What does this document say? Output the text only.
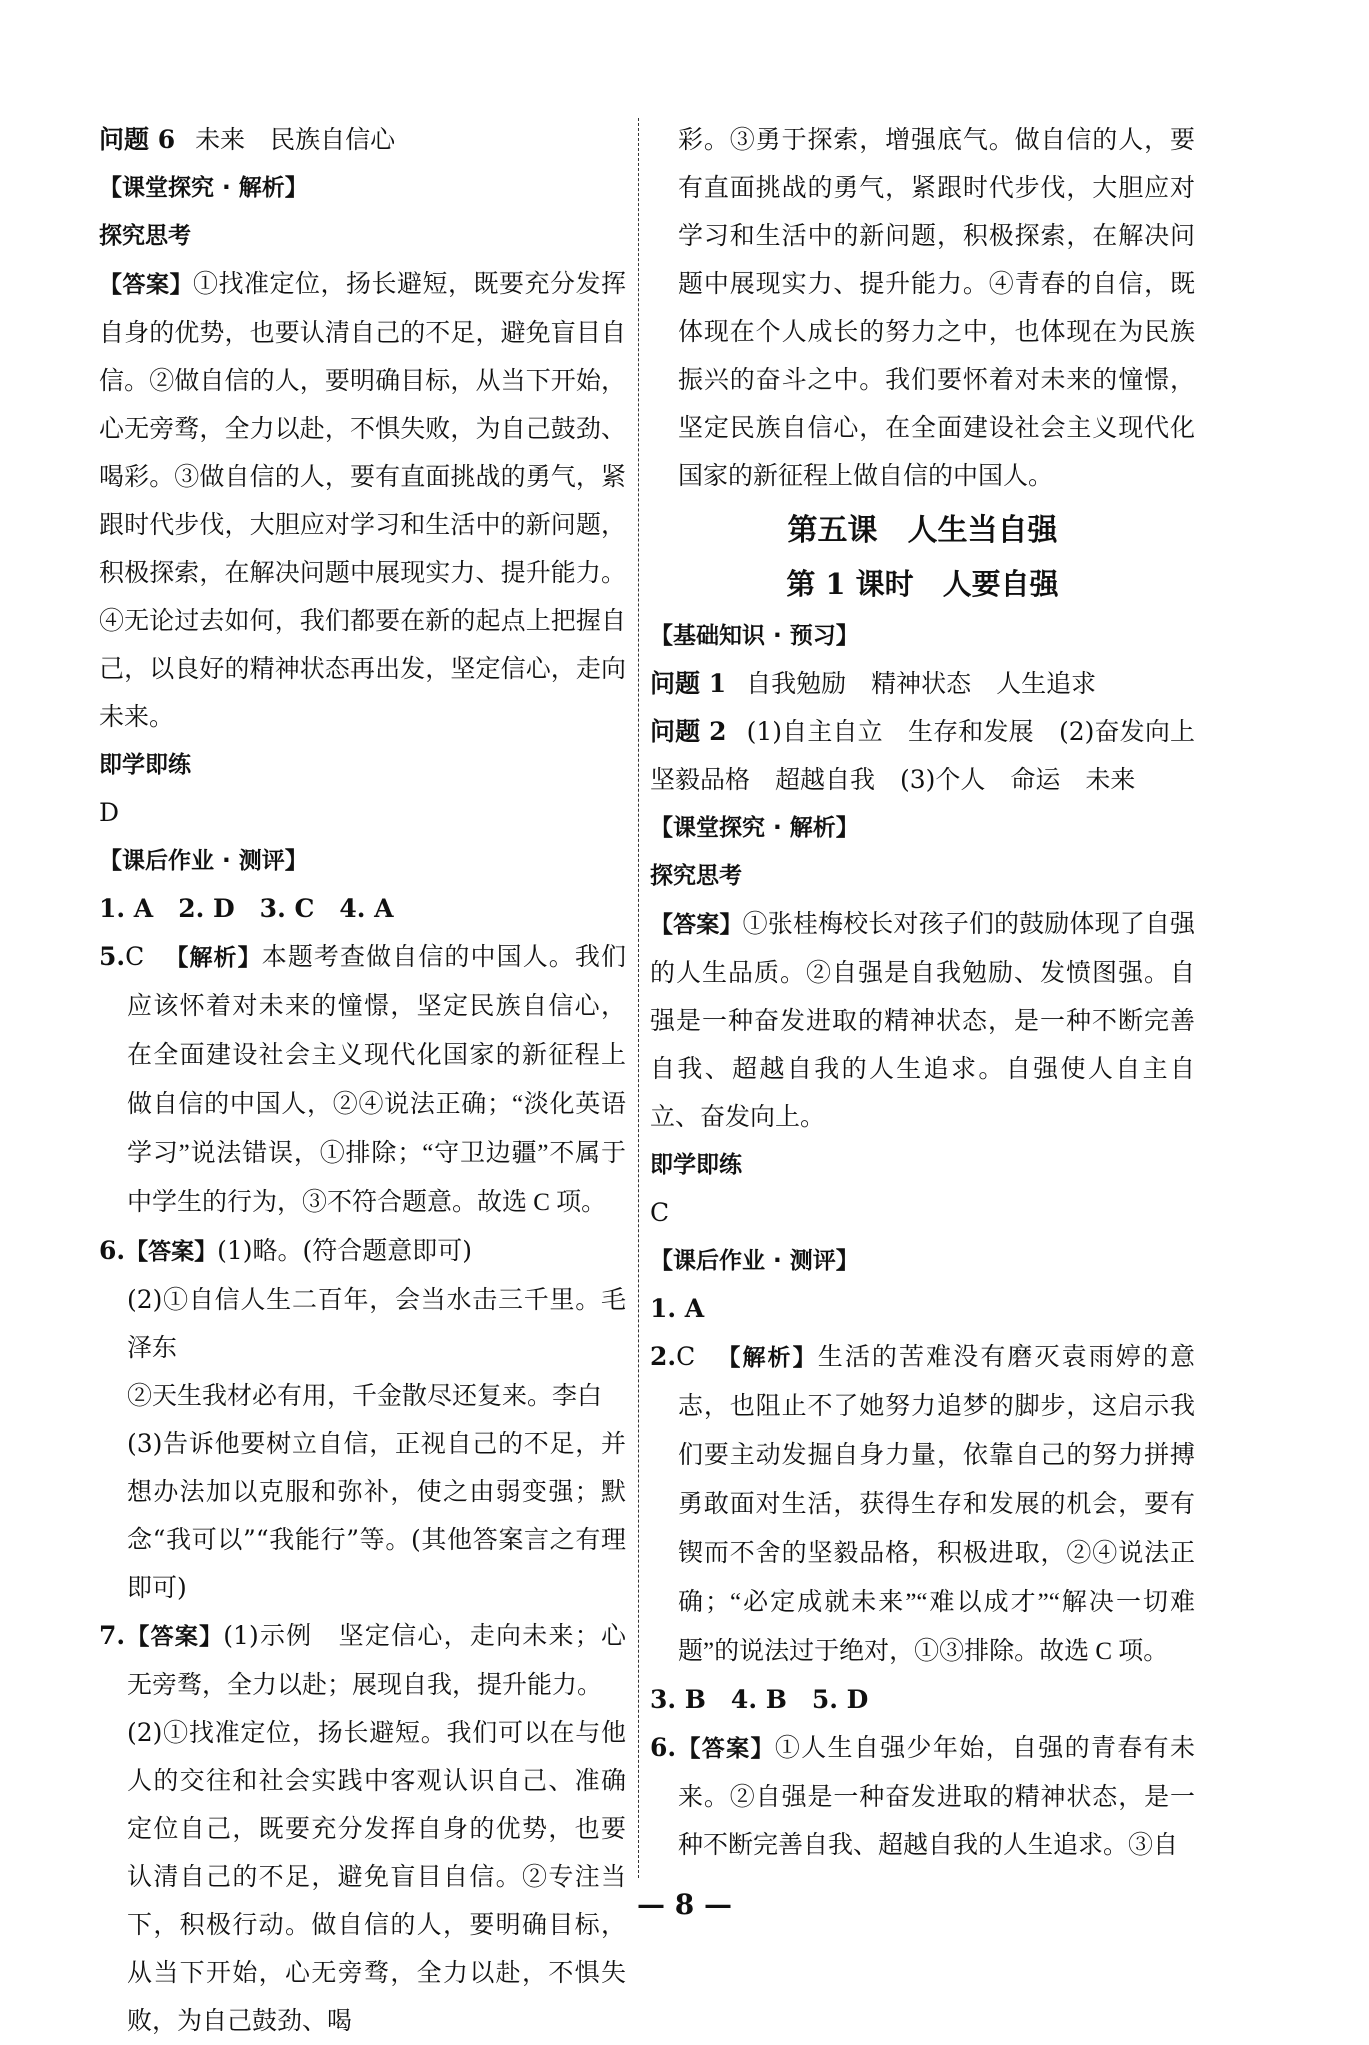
问题 6 未来　民族自信心

【课堂探究 · 解析】

探究思考

【答案】①找准定位，扬长避短，既要充分发挥自身的优势，也要认清自己的不足，避免盲目自信。②做自信的人，要明确目标，从当下开始，心无旁骛，全力以赴，不惧失败，为自己鼓劲、喝彩。③做自信的人，要有直面挑战的勇气，紧跟时代步伐，大胆应对学习和生活中的新问题，积极探索，在解决问题中展现实力、提升能力。④无论过去如何，我们都要在新的起点上把握自己，以良好的精神状态再出发，坚定信心，走向未来。

即学即练

D

【课后作业 · 测评】

1. A　2. D　3. C　4. A

5.C 【解析】本题考查做自信的中国人。我们应该怀着对未来的憧憬，坚定民族自信心，在全面建设社会主义现代化国家的新征程上做自信的中国人，②④说法正确；“淡化英语学习”说法错误，①排除；“守卫边疆”不属于中学生的行为，③不符合题意。故选 C 项。

6.【答案】(1)略。(符合题意即可)

(2)①自信人生二百年，会当水击三千里。毛泽东

②天生我材必有用，千金散尽还复来。李白

(3)告诉他要树立自信，正视自己的不足，并想办法加以克服和弥补，使之由弱变强；默念“我可以”“我能行”等。(其他答案言之有理即可)

7.【答案】(1)示例　坚定信心，走向未来；心无旁骛，全力以赴；展现自我，提升能力。

(2)①找准定位，扬长避短。我们可以在与他人的交往和社会实践中客观认识自己、准确定位自己，既要充分发挥自身的优势，也要认清自己的不足，避免盲目自信。②专注当下，积极行动。做自信的人，要明确目标，从当下开始，心无旁骛，全力以赴，不惧失败，为自己鼓劲、喝

彩。③勇于探索，增强底气。做自信的人，要有直面挑战的勇气，紧跟时代步伐，大胆应对学习和生活中的新问题，积极探索，在解决问题中展现实力、提升能力。④青春的自信，既体现在个人成长的努力之中，也体现在为民族振兴的奋斗之中。我们要怀着对未来的憧憬，坚定民族自信心，在全面建设社会主义现代化国家的新征程上做自信的中国人。

第五课　人生当自强

第 1 课时　人要自强

【基础知识 · 预习】

问题 1 自我勉励　精神状态　人生追求

问题 2 (1)自主自立　生存和发展　(2)奋发向上　坚毅品格　超越自我　(3)个人　命运　未来

【课堂探究 · 解析】

探究思考

【答案】①张桂梅校长对孩子们的鼓励体现了自强的人生品质。②自强是自我勉励、发愤图强。自强是一种奋发进取的精神状态，是一种不断完善自我、超越自我的人生追求。自强使人自主自立、奋发向上。

即学即练

C

【课后作业 · 测评】

1. A

2.C 【解析】生活的苦难没有磨灭袁雨婷的意志，也阻止不了她努力追梦的脚步，这启示我们要主动发掘自身力量，依靠自己的努力拼搏勇敢面对生活，获得生存和发展的机会，要有锲而不舍的坚毅品格，积极进取，②④说法正确；“必定成就未来”“难以成才”“解决一切难题”的说法过于绝对，①③排除。故选 C 项。

3. B　4. B　5. D

6.【答案】①人生自强少年始，自强的青春有未来。②自强是一种奋发进取的精神状态，是一种不断完善自我、超越自我的人生追求。③自

— 8 —
